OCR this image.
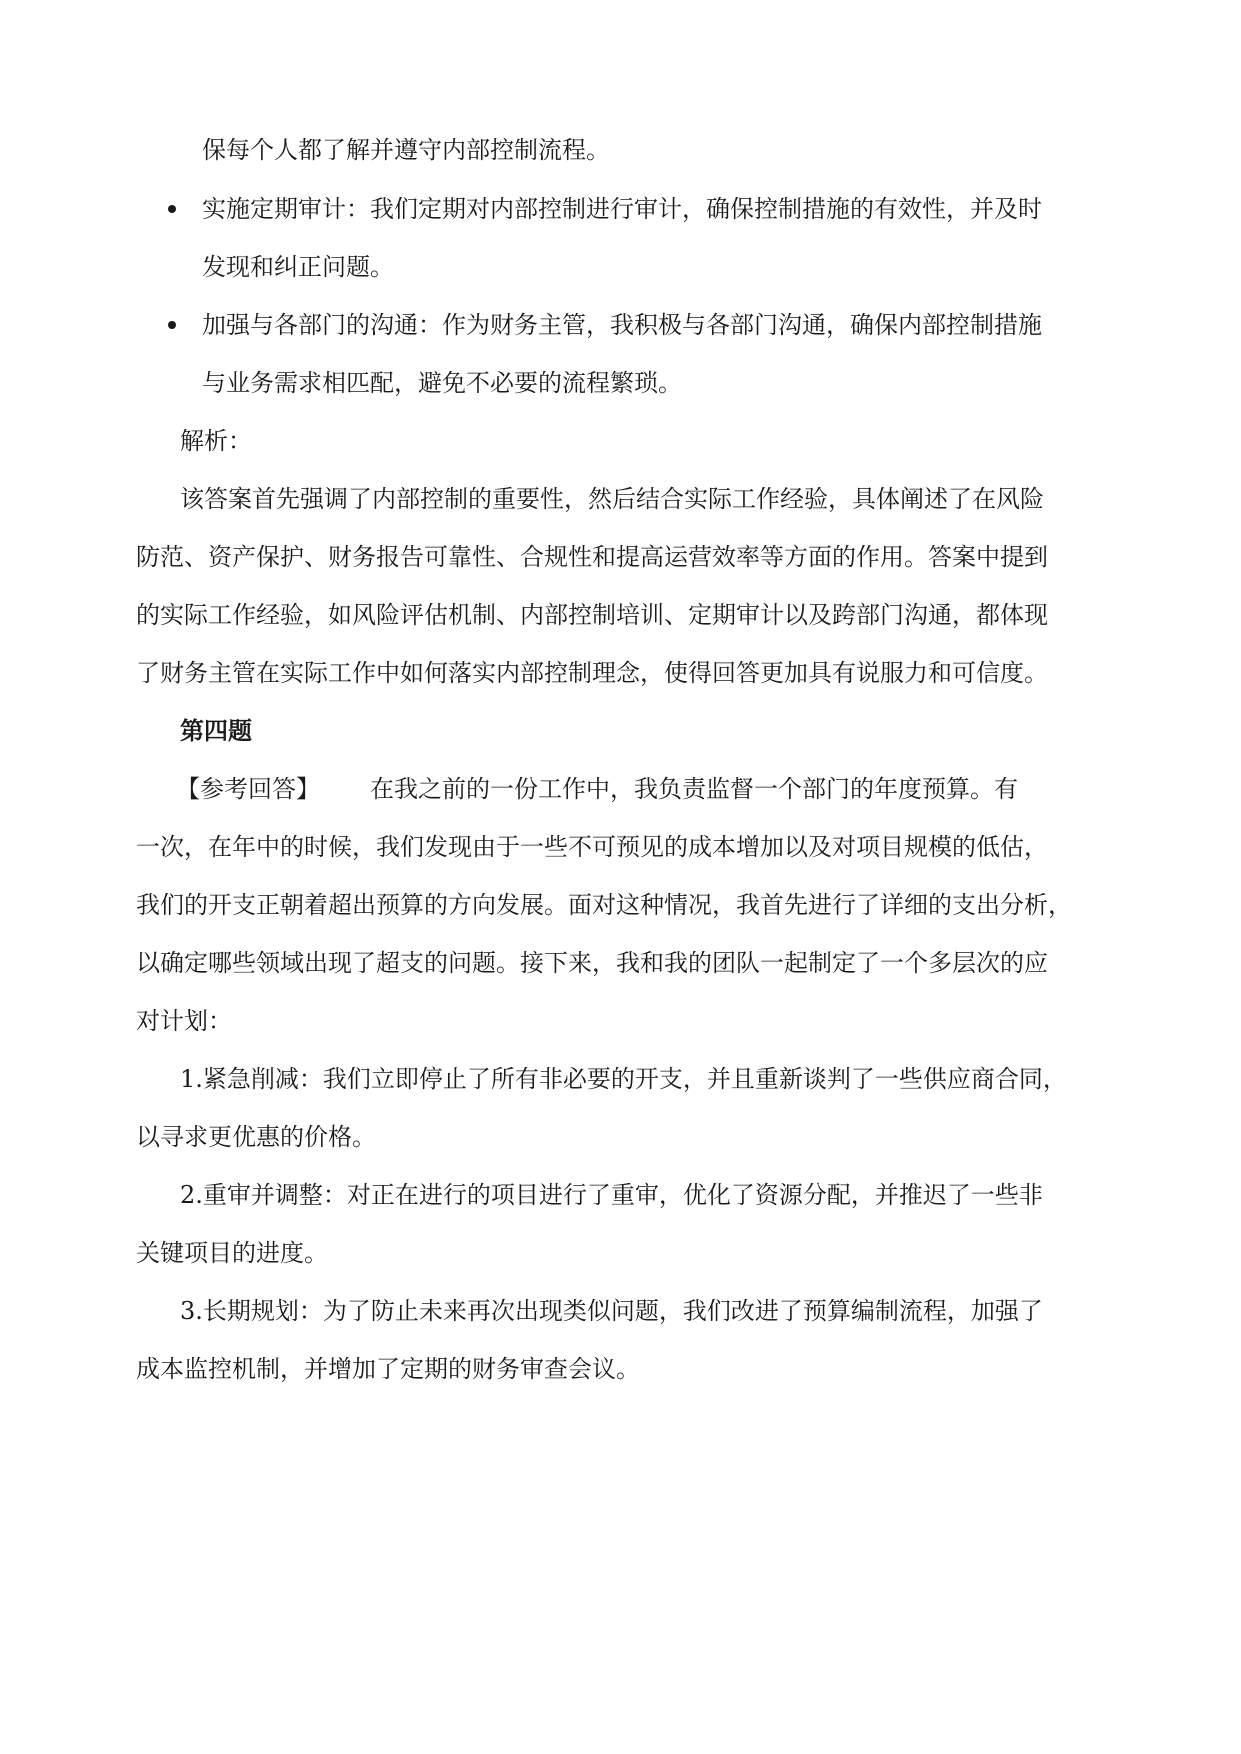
保每个人都了解并遵守内部控制流程。
实施定期审计：我们定期对内部控制进行审计，确保控制措施的有效性，并及时
发现和纠正问题。
加强与各部门的沟通：作为财务主管，我积极与各部门沟通，确保内部控制措施
与业务需求相匹配，避免不必要的流程繁琐。
解析：
该答案首先强调了内部控制的重要性，然后结合实际工作经验，具体阐述了在风险
防范、资产保护、财务报告可靠性、合规性和提高运营效率等方面的作用。答案中提到
的实际工作经验，如风险评估机制、内部控制培训、定期审计以及跨部门沟通，都体现
了财务主管在实际工作中如何落实内部控制理念，使得回答更加具有说服力和可信度。
第四题
【参考回答】 在我之前的一份工作中，我负责监督一个部门的年度预算。有
一次，在年中的时候，我们发现由于一些不可预见的成本增加以及对项目规模的低估，
我们的开支正朝着超出预算的方向发展。面对这种情况，我首先进行了详细的支出分析，
以确定哪些领域出现了超支的问题。接下来，我和我的团队一起制定了一个多层次的应
对计划：
1.紧急削减：我们立即停止了所有非必要的开支，并且重新谈判了一些供应商合同，
以寻求更优惠的价格。
2.重审并调整：对正在进行的项目进行了重审，优化了资源分配，并推迟了一些非
关键项目的进度。
3.长期规划：为了防止未来再次出现类似问题，我们改进了预算编制流程，加强了
成本监控机制，并增加了定期的财务审查会议。
